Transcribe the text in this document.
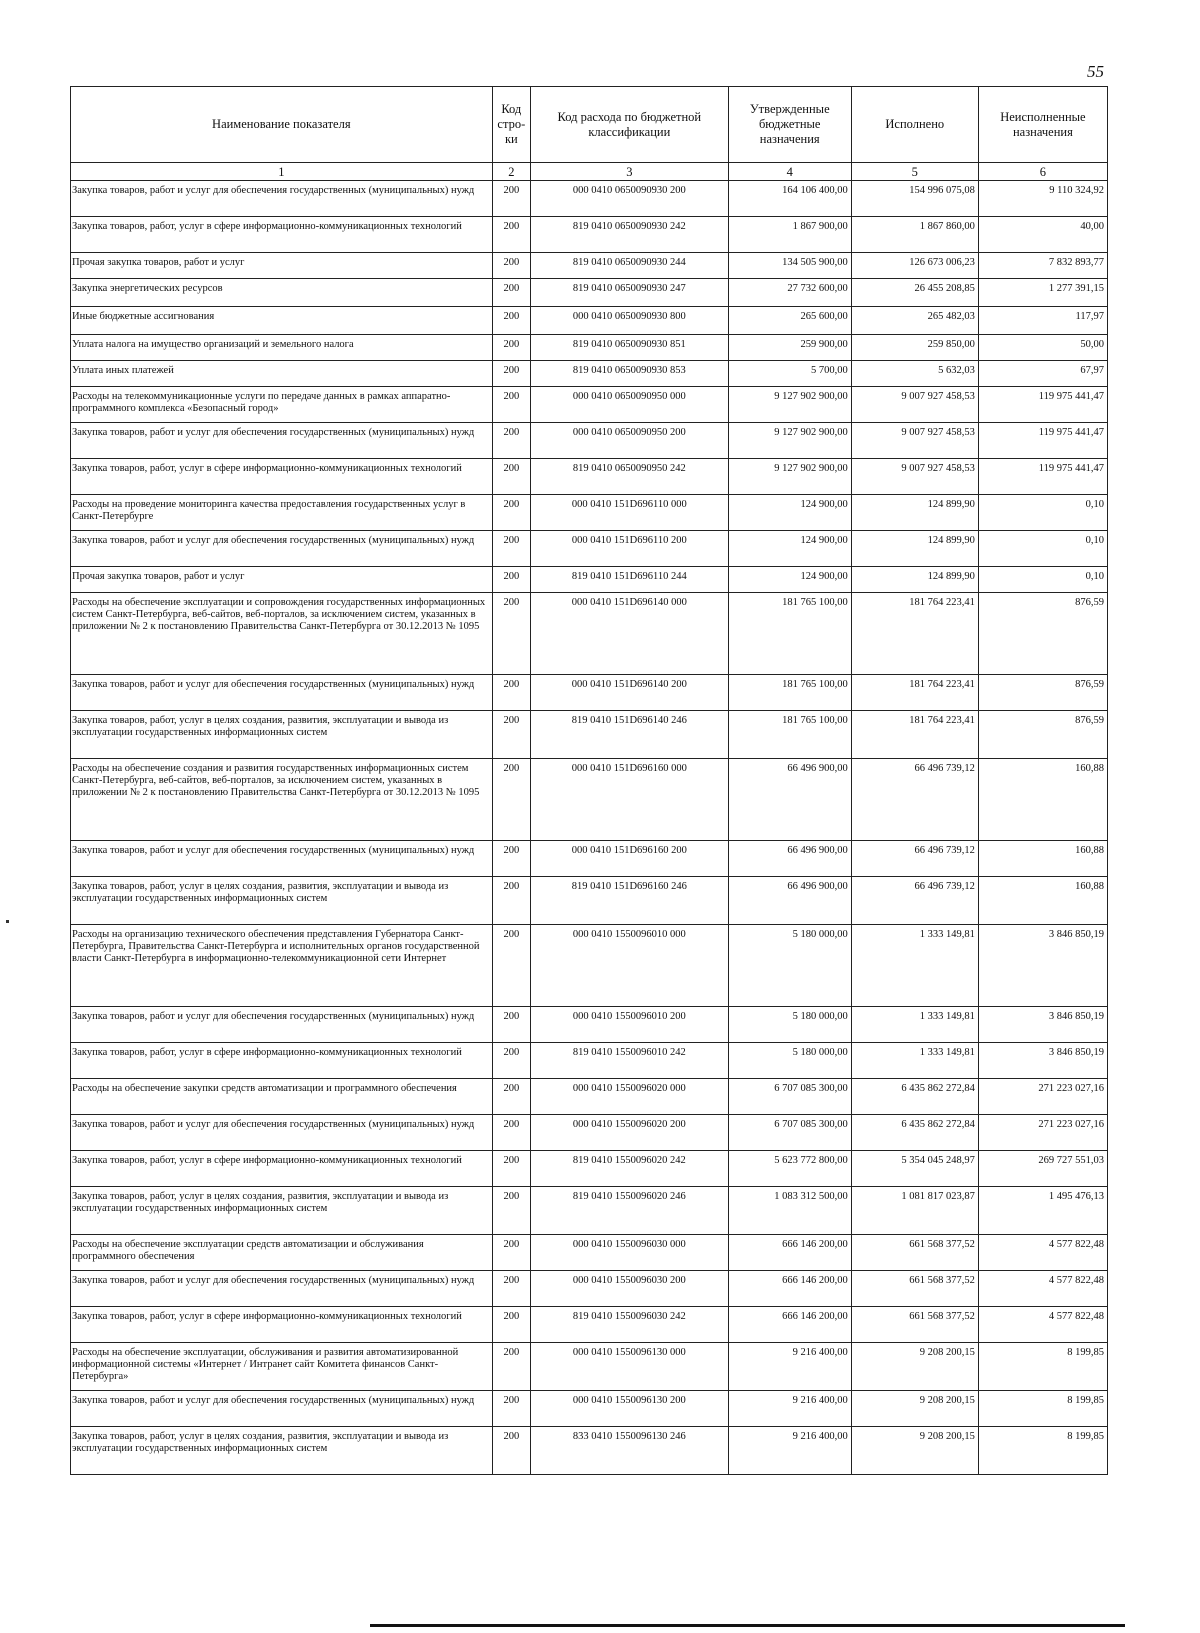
55
Наименование показателя	Код стро-ки	Код расхода по бюджетной классификации	Утвержденные бюджетные назначения	Исполнено	Неисполненные назначения
1	2	3	4	5	6
Закупка товаров, работ и услуг для обеспечения государственных (муниципальных) нужд	200	000 0410 0650090930 200	164 106 400,00	154 996 075,08	9 110 324,92
Закупка товаров, работ, услуг в сфере информационно-коммуникационных технологий	200	819 0410 0650090930 242	1 867 900,00	1 867 860,00	40,00
Прочая закупка товаров, работ и услуг	200	819 0410 0650090930 244	134 505 900,00	126 673 006,23	7 832 893,77
Закупка энергетических ресурсов	200	819 0410 0650090930 247	27 732 600,00	26 455 208,85	1 277 391,15
Иные бюджетные ассигнования	200	000 0410 0650090930 800	265 600,00	265 482,03	117,97
Уплата налога на имущество организаций и земельного налога	200	819 0410 0650090930 851	259 900,00	259 850,00	50,00
Уплата иных платежей	200	819 0410 0650090930 853	5 700,00	5 632,03	67,97
Расходы на телекоммуникационные услуги по передаче данных в рамках аппаратно-программного комплекса «Безопасный город»	200	000 0410 0650090950 000	9 127 902 900,00	9 007 927 458,53	119 975 441,47
Закупка товаров, работ и услуг для обеспечения государственных (муниципальных) нужд	200	000 0410 0650090950 200	9 127 902 900,00	9 007 927 458,53	119 975 441,47
Закупка товаров, работ, услуг в сфере информационно-коммуникационных технологий	200	819 0410 0650090950 242	9 127 902 900,00	9 007 927 458,53	119 975 441,47
Расходы на проведение мониторинга качества предоставления государственных услуг в Санкт-Петербурге	200	000 0410 151D696110 000	124 900,00	124 899,90	0,10
Закупка товаров, работ и услуг для обеспечения государственных (муниципальных) нужд	200	000 0410 151D696110 200	124 900,00	124 899,90	0,10
Прочая закупка товаров, работ и услуг	200	819 0410 151D696110 244	124 900,00	124 899,90	0,10
Расходы на обеспечение эксплуатации и сопровождения государственных информационных систем Санкт-Петербурга, веб-сайтов, веб-порталов, за исключением систем, указанных в приложении № 2 к постановлению Правительства Санкт-Петербурга от 30.12.2013 № 1095	200	000 0410 151D696140 000	181 765 100,00	181 764 223,41	876,59
Закупка товаров, работ и услуг для обеспечения государственных (муниципальных) нужд	200	000 0410 151D696140 200	181 765 100,00	181 764 223,41	876,59
Закупка товаров, работ, услуг в целях создания, развития, эксплуатации и вывода из эксплуатации государственных информационных систем	200	819 0410 151D696140 246	181 765 100,00	181 764 223,41	876,59
Расходы на обеспечение создания и развития государственных информационных систем Санкт-Петербурга, веб-сайтов, веб-порталов, за исключением систем, указанных в приложении № 2 к постановлению Правительства Санкт-Петербурга от 30.12.2013 № 1095	200	000 0410 151D696160 000	66 496 900,00	66 496 739,12	160,88
Закупка товаров, работ и услуг для обеспечения государственных (муниципальных) нужд	200	000 0410 151D696160 200	66 496 900,00	66 496 739,12	160,88
Закупка товаров, работ, услуг в целях создания, развития, эксплуатации и вывода из эксплуатации государственных информационных систем	200	819 0410 151D696160 246	66 496 900,00	66 496 739,12	160,88
Расходы на организацию технического обеспечения представления Губернатора Санкт-Петербурга, Правительства Санкт-Петербурга и исполнительных органов государственной власти Санкт-Петербурга в информационно-телекоммуникационной сети Интернет	200	000 0410 1550096010 000	5 180 000,00	1 333 149,81	3 846 850,19
Закупка товаров, работ и услуг для обеспечения государственных (муниципальных) нужд	200	000 0410 1550096010 200	5 180 000,00	1 333 149,81	3 846 850,19
Закупка товаров, работ, услуг в сфере информационно-коммуникационных технологий	200	819 0410 1550096010 242	5 180 000,00	1 333 149,81	3 846 850,19
Расходы на обеспечение закупки средств автоматизации и программного обеспечения	200	000 0410 1550096020 000	6 707 085 300,00	6 435 862 272,84	271 223 027,16
Закупка товаров, работ и услуг для обеспечения государственных (муниципальных) нужд	200	000 0410 1550096020 200	6 707 085 300,00	6 435 862 272,84	271 223 027,16
Закупка товаров, работ, услуг в сфере информационно-коммуникационных технологий	200	819 0410 1550096020 242	5 623 772 800,00	5 354 045 248,97	269 727 551,03
Закупка товаров, работ, услуг в целях создания, развития, эксплуатации и вывода из эксплуатации государственных информационных систем	200	819 0410 1550096020 246	1 083 312 500,00	1 081 817 023,87	1 495 476,13
Расходы на обеспечение эксплуатации средств автоматизации и обслуживания программного обеспечения	200	000 0410 1550096030 000	666 146 200,00	661 568 377,52	4 577 822,48
Закупка товаров, работ и услуг для обеспечения государственных (муниципальных) нужд	200	000 0410 1550096030 200	666 146 200,00	661 568 377,52	4 577 822,48
Закупка товаров, работ, услуг в сфере информационно-коммуникационных технологий	200	819 0410 1550096030 242	666 146 200,00	661 568 377,52	4 577 822,48
Расходы на обеспечение эксплуатации, обслуживания и развития автоматизированной информационной системы «Интернет / Интранет сайт Комитета финансов Санкт-Петербурга»	200	000 0410 1550096130 000	9 216 400,00	9 208 200,15	8 199,85
Закупка товаров, работ и услуг для обеспечения государственных (муниципальных) нужд	200	000 0410 1550096130 200	9 216 400,00	9 208 200,15	8 199,85
Закупка товаров, работ, услуг в целях создания, развития, эксплуатации и вывода из эксплуатации государственных информационных систем	200	833 0410 1550096130 246	9 216 400,00	9 208 200,15	8 199,85
